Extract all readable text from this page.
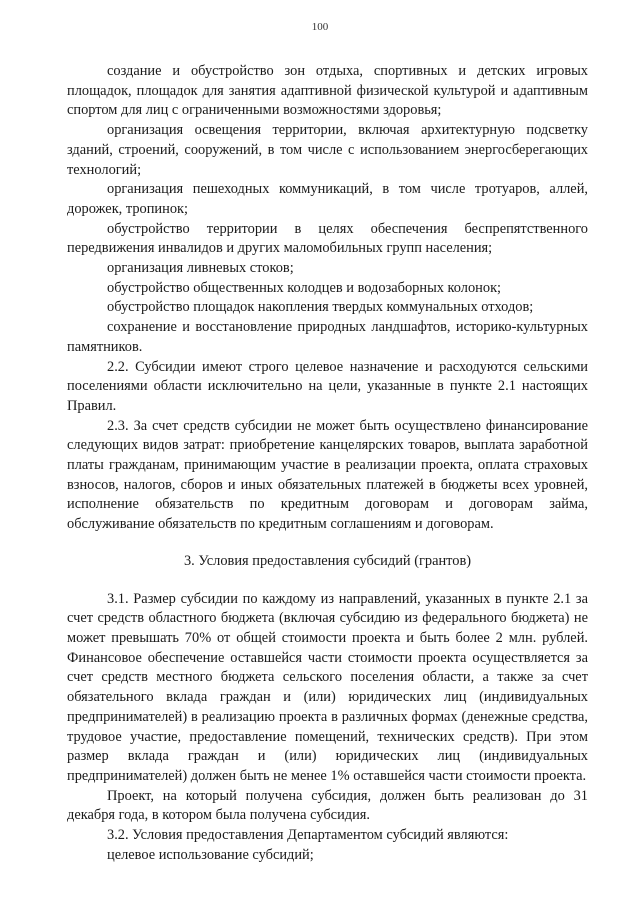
100

создание и обустройство зон отдыха, спортивных и детских игровых площадок, площадок для занятия адаптивной физической культурой и адаптивным спортом для лиц с ограниченными возможностями здоровья;

организация освещения территории, включая архитектурную подсветку зданий, строений, сооружений, в том числе с использованием энергосберегающих технологий;

организация пешеходных коммуникаций, в том числе тротуаров, аллей, дорожек, тропинок;

обустройство территории в целях обеспечения беспрепятственного передвижения инвалидов и других маломобильных групп населения;

организация ливневых стоков;

обустройство общественных колодцев и водозаборных колонок;

обустройство площадок накопления твердых коммунальных отходов;

сохранение и восстановление природных ландшафтов, историко-культурных памятников.

2.2. Субсидии имеют строго целевое назначение и расходуются сельскими поселениями области исключительно на цели, указанные в пункте 2.1 настоящих Правил.

2.3. За счет средств субсидии не может быть осуществлено финансирование следующих видов затрат: приобретение канцелярских товаров, выплата заработной платы гражданам, принимающим участие в реализации проекта, оплата страховых взносов, налогов, сборов и иных обязательных платежей в бюджеты всех уровней, исполнение обязательств по кредитным договорам и договорам займа, обслуживание обязательств по кредитным соглашениям и договорам.

3. Условия предоставления субсидий (грантов)

3.1. Размер субсидии по каждому из направлений, указанных в пункте 2.1 за счет средств областного бюджета (включая субсидию из федерального бюджета) не может превышать 70% от общей стоимости проекта и быть более 2 млн. рублей. Финансовое обеспечение оставшейся части стоимости проекта осуществляется за счет средств местного бюджета сельского поселения области, а также за счет обязательного вклада граждан и (или) юридических лиц (индивидуальных предпринимателей) в реализацию проекта в различных формах (денежные средства, трудовое участие, предоставление помещений, технических средств). При этом размер вклада граждан и (или) юридических лиц (индивидуальных предпринимателей) должен быть не менее 1% оставшейся части стоимости проекта.

Проект, на который получена субсидия, должен быть реализован до 31 декабря года, в котором была получена субсидия.

3.2. Условия предоставления Департаментом субсидий являются:

целевое использование субсидий;
